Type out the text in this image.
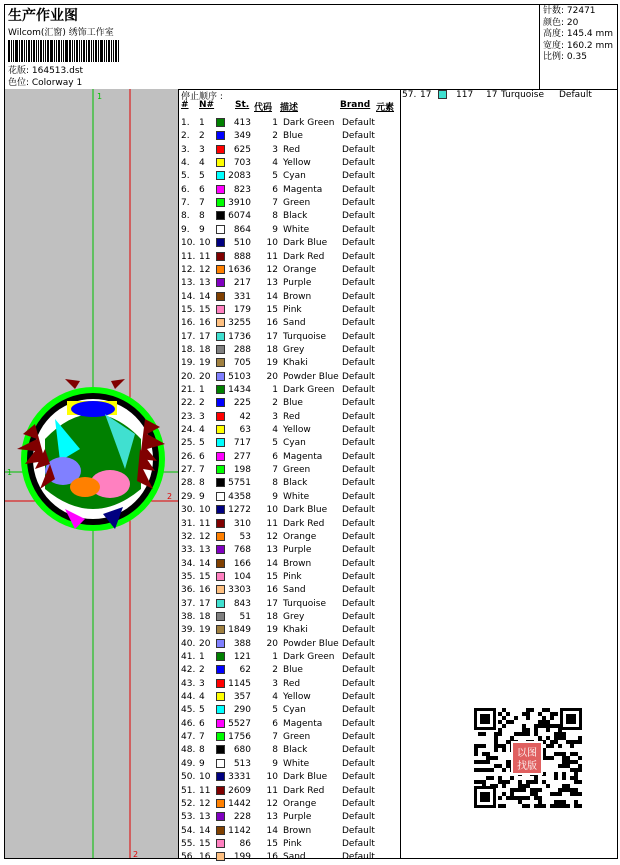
生产作业图
Wilcom(汇窗) 绣饰工作室
花版: 164513.dst
色位: Colorway 1
针数: 72471
颜色: 20
高度: 145.4 mm
宽度: 160.2 mm
比例: 0.35
1
2
2
1
停止顺序 :
# N# St. 代码 描述	Brand 元素
1. 1	413 1 Dark Green Default
2. 2	349 2 Blue	Default
3. 3	625 3 Red	Default
4. 4	703 4 Yellow	Default
5. 5	2083 5 Cyan	Default
6. 6	823 6 Magenta Default
7. 7	3910 7 Green	Default
8. 8	6074 8 Black	Default
9. 9	864 9 White	Default
10. 10	510 10 Dark Blue Default
11. 11	888 11 Dark Red Default
12. 12 1636 12 Orange	Default
13. 13	217 13 Purple	Default
14. 14	331 14 Brown	Default
15. 15	179 15 Pink	Default
16. 16 3255 16 Sand	Default
17. 17 1736 17 Turquoise Default
18. 18	288 18 Grey	Default
19. 19	705 19 Khaki	Default
20. 20 5103 20 Powder Blue Default
21. 1	1434 1 Dark Green Default
22. 2	225 2 Blue	Default
23. 3	42 3 Red	Default
24. 4	63 4 Yellow	Default
25. 5	717 5 Cyan	Default
26. 6	277 6 Magenta Default
27. 7	198 7 Green	Default
28. 8	5751 8 Black	Default
29. 9	4358 9 White	Default
30. 10 1272 10 Dark Blue Default
31. 11	310 11 Dark Red Default
32. 12	53 12 Orange	Default
33. 13	768 13 Purple	Default
34. 14	166 14 Brown	Default
35. 15	104 15 Pink	Default
36. 16 3303 16 Sand	Default
37. 17	843 17 Turquoise Default
38. 18	51 18 Grey	Default
39. 19 1849 19 Khaki	Default
40. 20	388 20 Powder Blue Default
41. 1	121 1 Dark Green Default
42. 2	62 2 Blue	Default
43. 3	1145 3 Red	Default
44. 4	357 4 Yellow	Default
45. 5	290 5 Cyan	Default
46. 6	5527 6 Magenta Default
47. 7	1756 7 Green	Default
48. 8	680 8 Black	Default
49. 9	513 9 White	Default
50. 10 3331 10 Dark Blue Default
51. 11 2609 11 Dark Red Default
52. 12 1442 12 Orange	Default
53. 13	228 13 Purple	Default
54. 14 1142 14 Brown	Default
55. 15	86 15 Pink	Default
56. 16	199 16 Sand	Default
57. 17	117 17 Turquoise Default
以图
找版
